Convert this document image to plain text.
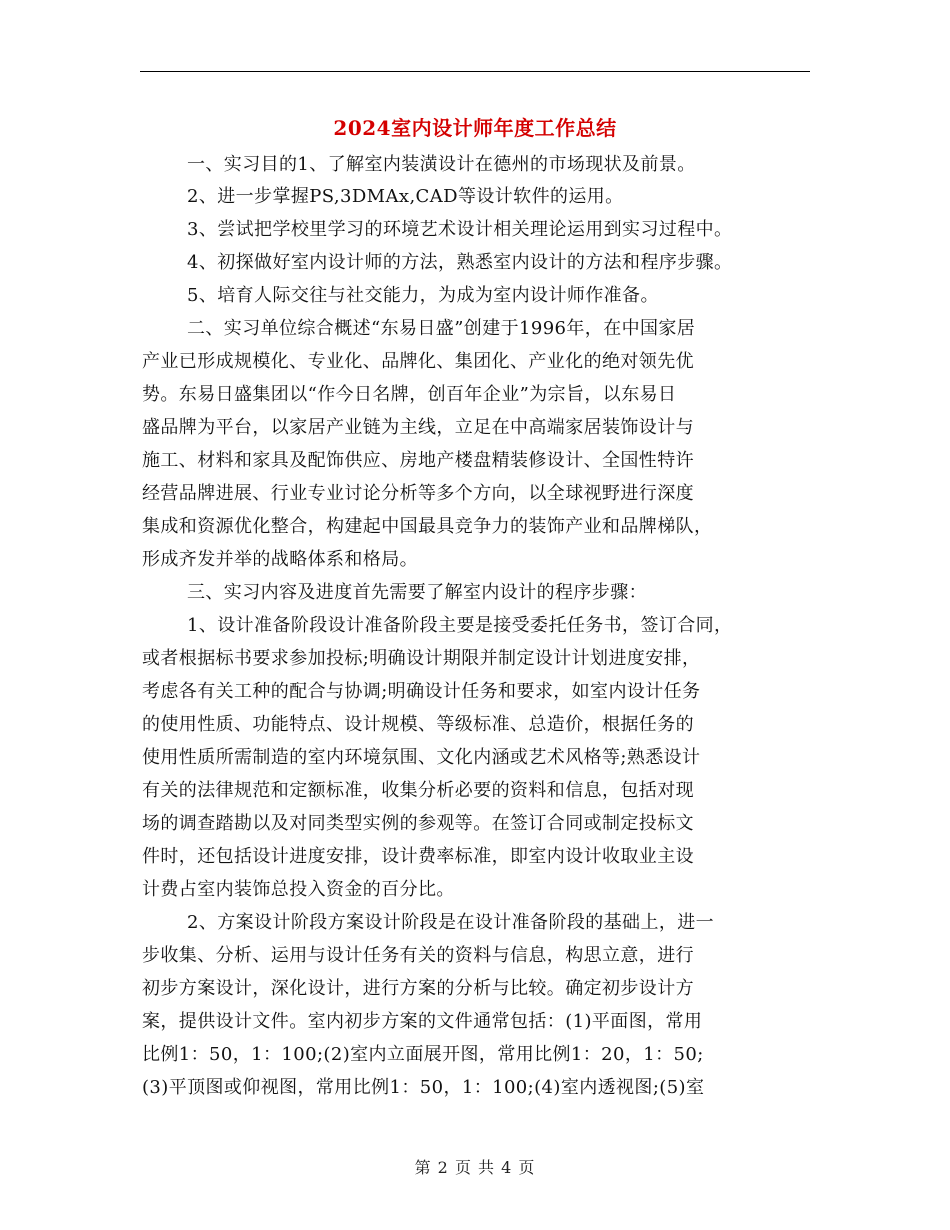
2024室内设计师年度工作总结
一、实习目的1、了解室内装潢设计在德州的市场现状及前景。
2、进一步掌握PS,3DMAx,CAD等设计软件的运用。
3、尝试把学校里学习的环境艺术设计相关理论运用到实习过程中。
4、初探做好室内设计师的方法，熟悉室内设计的方法和程序步骤。
5、培育人际交往与社交能力，为成为室内设计师作准备。
二、实习单位综合概述“东易日盛”创建于1996年，在中国家居
产业已形成规模化、专业化、品牌化、集团化、产业化的绝对领先优
势。东易日盛集团以“作今日名牌，创百年企业”为宗旨，以东易日
盛品牌为平台，以家居产业链为主线，立足在中高端家居装饰设计与
施工、材料和家具及配饰供应、房地产楼盘精装修设计、全国性特许
经营品牌进展、行业专业讨论分析等多个方向，以全球视野进行深度
集成和资源优化整合，构建起中国最具竞争力的装饰产业和品牌梯队，
形成齐发并举的战略体系和格局。
三、实习内容及进度首先需要了解室内设计的程序步骤：
1、设计准备阶段设计准备阶段主要是接受委托任务书，签订合同，
或者根据标书要求参加投标;明确设计期限并制定设计计划进度安排，
考虑各有关工种的配合与协调;明确设计任务和要求，如室内设计任务
的使用性质、功能特点、设计规模、等级标准、总造价，根据任务的
使用性质所需制造的室内环境氛围、文化内涵或艺术风格等;熟悉设计
有关的法律规范和定额标准，收集分析必要的资料和信息，包括对现
场的调查踏勘以及对同类型实例的参观等。在签订合同或制定投标文
件时，还包括设计进度安排，设计费率标准，即室内设计收取业主设
计费占室内装饰总投入资金的百分比。
2、方案设计阶段方案设计阶段是在设计准备阶段的基础上，进一
步收集、分析、运用与设计任务有关的资料与信息，构思立意，进行
初步方案设计，深化设计，进行方案的分析与比较。确定初步设计方
案，提供设计文件。室内初步方案的文件通常包括：(1)平面图，常用
比例1：50，1：100;(2)室内立面展开图，常用比例1：20，1：50;
(3)平顶图或仰视图，常用比例1：50，1：100;(4)室内透视图;(5)室
第 2 页 共 4 页
